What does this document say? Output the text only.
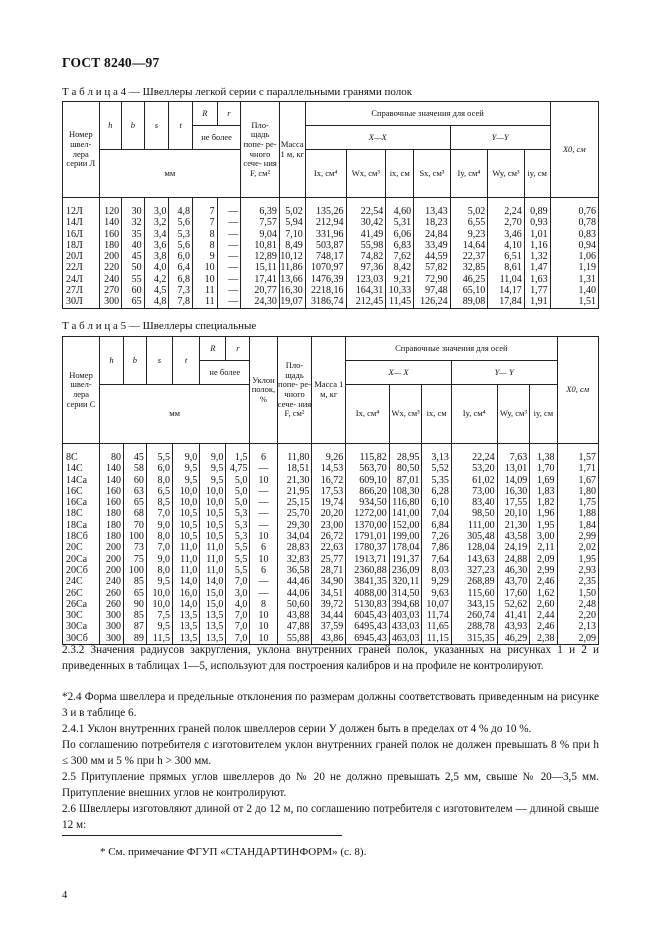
ГОСТ 8240—97
Т а б л и ц а 4 — Швеллеры легкой серии с параллельными гранями полок
Номер швел- лера серии Л	h	b	s	t	R	r	Пло- щадь попе- ре- чного сече- ния F, см²	Масса 1 м, кг	Справочные значения для осей							X0, см
					не более				X—X				Y—Y			
	мм								Ix, см⁴	Wx, см³	ix, см	Sx, см³	Iy, см⁴	Wy, см³	iy, см	
12Л	120	30	3,0	4,8	7	—	6,39	5,02	135,26	22,54	4,60	13,43	5,02	2,24	0,89	0,76
14Л	140	32	3,2	5,6	7	—	7,57	5,94	212,94	30,42	5,31	18,23	6,55	2,70	0,93	0,78
16Л	160	35	3,4	5,3	8	—	9,04	7,10	331,96	41,49	6,06	24,84	9,23	3,46	1,01	0,83
18Л	180	40	3,6	5,6	8	—	10,81	8,49	503,87	55,98	6,83	33,49	14,64	4,10	1,16	0,94
20Л	200	45	3,8	6,0	9	—	12,89	10,12	748,17	74,82	7,62	44,59	22,37	6,51	1,32	1,06
22Л	220	50	4,0	6,4	10	—	15,11	11,86	1070,97	97,36	8,42	57,82	32,85	8,61	1,47	1,19
24Л	240	55	4,2	6,8	10	—	17,41	13,66	1476,39	123,03	9,21	72,90	46,25	11,04	1,63	1,31
27Л	270	60	4,5	7,3	11	—	20,77	16,30	2218,16	164,31	10,33	97,48	65,10	14,17	1,77	1,40
30Л	300	65	4,8	7,8	11	—	24,30	19,07	3186,74	212,45	11,45	126,24	89,08	17,84	1,91	1,51
Т а б л и ц а 5 — Швеллеры специальные
Номер швел- лера серии С	h	b	s	t	R	r	Уклон полок, %	Пло- щадь попе- ре- чного сече- ния F, см²	Масса 1 м, кг	Справочные значения для осей						X0, см
					не более					X— X			Y— Y			
	мм									Ix, см⁴	Wx, см³	ix, см	Iy, см⁴	Wy, см³	iy, см	
8С	80	45	5,5	9,0	9,0	1,5	6	11,80	9,26	115,82	28,95	3,13	22,24	7,63	1,38	1,57
14С	140	58	6,0	9,5	9,5	4,75	—	18,51	14,53	563,70	80,50	5,52	53,20	13,01	1,70	1,71
14Са	140	60	8,0	9,5	9,5	5,0	10	21,30	16,72	609,10	87,01	5,35	61,02	14,09	1,69	1,67
16С	160	63	6,5	10,0	10,0	5,0	—	21,95	17,53	866,20	108,30	6,28	73,00	16,30	1,83	1,80
16Са	160	65	8,5	10,0	10,0	5,0	—	25,15	19,74	934,50	116,80	6,10	83,40	17,55	1,82	1,75
18С	180	68	7,0	10,5	10,5	5,3	—	25,70	20,20	1272,00	141,00	7,04	98,50	20,10	1,96	1,88
18Са	180	70	9,0	10,5	10,5	5,3	—	29,30	23,00	1370,00	152,00	6,84	111,00	21,30	1,95	1,84
18Сб	180	100	8,0	10,5	10,5	5,3	10	34,04	26,72	1791,01	199,00	7,26	305,48	43,58	3,00	2,99
20С	200	73	7,0	11,0	11,0	5,5	6	28,83	22,63	1780,37	178,04	7,86	128,04	24,19	2,11	2,02
20Са	200	75	9,0	11,0	11,0	5,5	10	32,83	25,77	1913,71	191,37	7,64	143,63	24,88	2,09	1,95
20Сб	200	100	8,0	11,0	11,0	5,5	6	36,58	28,71	2360,88	236,09	8,03	327,23	46,30	2,99	2,93
24С	240	85	9,5	14,0	14,0	7,0	—	44,46	34,90	3841,35	320,11	9,29	268,89	43,70	2,46	2,35
26С	260	65	10,0	16,0	15,0	3,0	—	44,06	34,51	4088,00	314,50	9,63	115,60	17,60	1,62	1,50
26Са	260	90	10,0	14,0	15,0	4,0	8	50,60	39,72	5130,83	394,68	10,07	343,15	52,62	2,60	2,48
30С	300	85	7,5	13,5	13,5	7,0	10	43,88	34,44	6045,43	403,03	11,74	260,74	41,41	2,44	2,20
30Са	300	87	9,5	13,5	13,5	7,0	10	47,88	37,59	6495,43	433,03	11,65	288,78	43,93	2,46	2,13
30Сб	300	89	11,5	13,5	13,5	7,0	10	55,88	43,86	6945,43	463,03	11,15	315,35	46,29	2,38	2,09
2.3.2 Значения радиусов закругления, уклона внутренних граней полок, указанных на рисунках 1 и 2 и приведенных в таблицах 1—5, используют для построения калибров и на профиле не контролируют.
*2.4 Форма швеллера и предельные отклонения по размерам должны соответствовать приведенным на рисунке 3 и в таблице 6.
2.4.1 Уклон внутренних граней полок швеллеров серии У должен быть в пределах от 4 % до 10 %.
По соглашению потребителя с изготовителем уклон внутренних граней полок не должен превышать 8 % при h ≤ 300 мм и 5 % при h > 300 мм.
2.5 Притупление прямых углов швеллеров до № 20 не должно превышать 2,5 мм, свыше № 20—3,5 мм. Притупление внешних углов не контролируют.
2.6 Швеллеры изготовляют длиной от 2 до 12 м, по соглашению потребителя с изготовителем — длиной свыше 12 м:
* См. примечание ФГУП «СТАНДАРТИНФОРМ» (с. 8).
4
